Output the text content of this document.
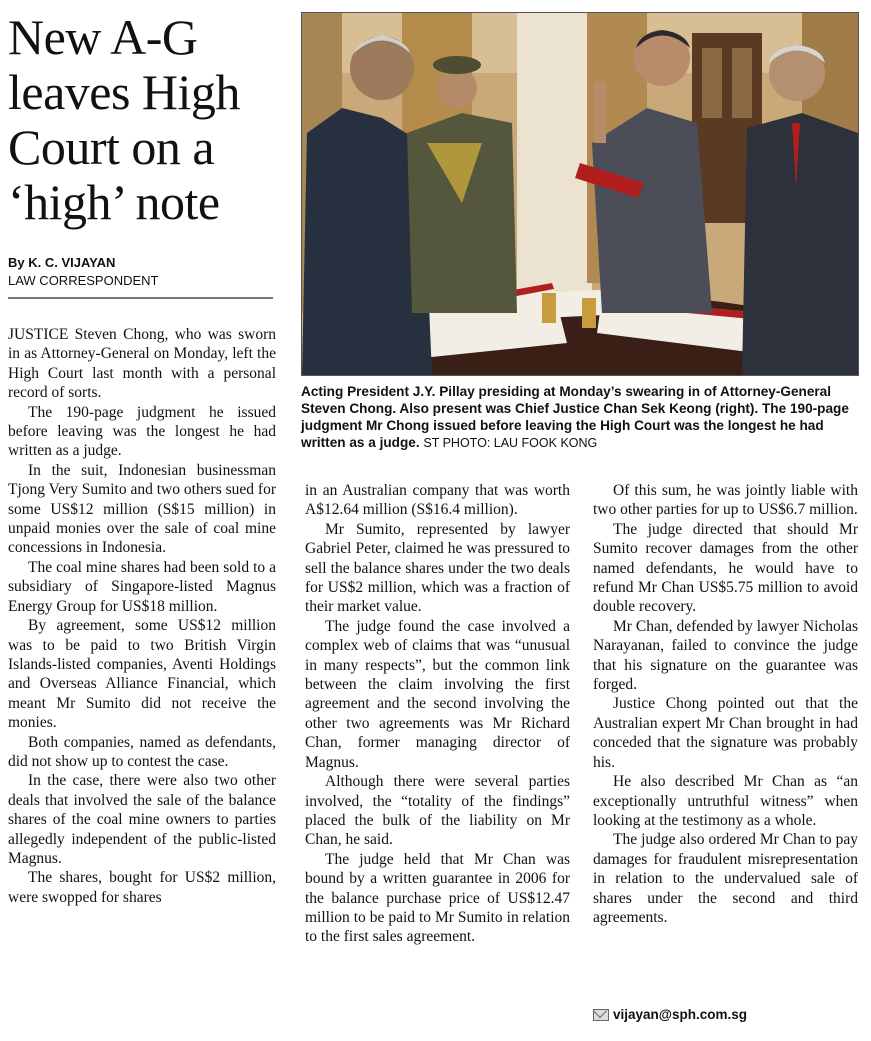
New A-G
leaves High
Court on a
‘high’ note
By K. C. VIJAYAN
LAW CORRESPONDENT
Acting President J.Y. Pillay presiding at Monday’s swearing in of Attorney-General Steven Chong. Also present was Chief Justice Chan Sek Keong (right). The 190-page judgment Mr Chong issued before leaving the High Court was the longest he had written as a judge. ST PHOTO: LAU FOOK KONG

JUSTICE Steven Chong, who was sworn in as Attorney-General on Monday, left the High Court last month with a personal record of sorts.

The 190-page judgment he issued before leaving was the longest he had written as a judge.

In the suit, Indonesian businessman Tjong Very Sumito and two others sued for some US$12 million (S$15 million) in unpaid monies over the sale of coal mine concessions in Indonesia.

The coal mine shares had been sold to a subsidiary of Singapore-listed Magnus Energy Group for US$18 million.

By agreement, some US$12 million was to be paid to two British Virgin Islands-listed companies, Aventi Holdings and Overseas Alliance Financial, which meant Mr Sumito did not receive the monies.

Both companies, named as defendants, did not show up to contest the case.

In the case, there were also two other deals that involved the sale of the balance shares of the coal mine owners to parties allegedly independent of the public-listed Magnus.

The shares, bought for US$2 million, were swopped for shares

in an Australian company that was worth A$12.64 million (S$16.4 million).

Mr Sumito, represented by lawyer Gabriel Peter, claimed he was pressured to sell the balance shares under the two deals for US$2 million, which was a fraction of their market value.

The judge found the case involved a complex web of claims that was “unusual in many respects”, but the common link between the claim involving the first agreement and the second involving the other two agreements was Mr Richard Chan, former managing director of Magnus.

Although there were several parties involved, the “totality of the findings” placed the bulk of the liability on Mr Chan, he said.

The judge held that Mr Chan was bound by a written guarantee in 2006 for the balance purchase price of US$12.47 million to be paid to Mr Sumito in relation to the first sales agreement.

Of this sum, he was jointly liable with two other parties for up to US$6.7 million.

The judge directed that should Mr Sumito recover damages from the other named defendants, he would have to refund Mr Chan US$5.75 million to avoid double recovery.

Mr Chan, defended by lawyer Nicholas Narayanan, failed to convince the judge that his signature on the guarantee was forged.

Justice Chong pointed out that the Australian expert Mr Chan brought in had conceded that the signature was probably his.

He also described Mr Chan as “an exceptionally untruthful witness” when looking at the testimony as a whole.

The judge also ordered Mr Chan to pay damages for fraudulent misrepresentation in relation to the undervalued sale of shares under the second and third agreements.

vijayan@sph.com.sg
